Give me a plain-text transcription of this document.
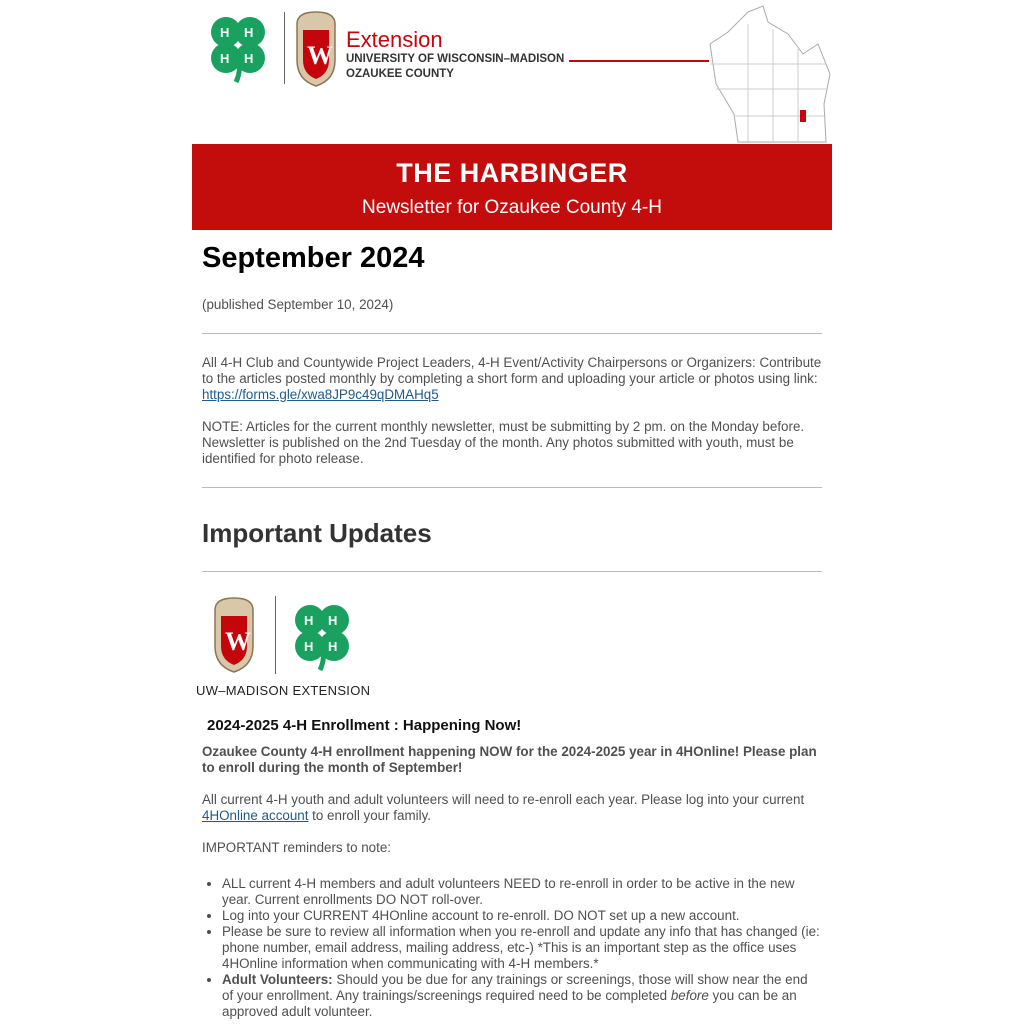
Extension
UNIVERSITY OF WISCONSIN–MADISON
OZAUKEE COUNTY
THE HARBINGER
Newsletter for Ozaukee County 4-H
September 2024

(published September 10, 2024)

All 4-H Club and Countywide Project Leaders, 4-H Event/Activity Chairpersons or Organizers: Contribute to the articles posted monthly by completing a short form and uploading your article or photos using link: https://forms.gle/xwa8JP9c49qDMAHq5

NOTE: Articles for the current monthly newsletter, must be submitting by 2 pm. on the Monday before. Newsletter is published on the 2nd Tuesday of the month. Any photos submitted with youth, must be identified for photo release.

Important Updates
UW–MADISON EXTENSION

2024-2025 4-H Enrollment : Happening Now!

Ozaukee County 4-H enrollment happening NOW for the 2024-2025 year in 4HOnline! Please plan to enroll during the month of September!

All current 4-H youth and adult volunteers will need to re-enroll each year. Please log into your current 4HOnline account to enroll your family.

IMPORTANT reminders to note:

• ALL current 4-H members and adult volunteers NEED to re-enroll in order to be active in the new year. Current enrollments DO NOT roll-over.
• Log into your CURRENT 4HOnline account to re-enroll. DO NOT set up a new account.
• Please be sure to review all information when you re-enroll and update any info that has changed (ie: phone number, email address, mailing address, etc-) *This is an important step as the office uses 4HOnline information when communicating with 4-H members.*
• Adult Volunteers: Should you be due for any trainings or screenings, those will show near the end of your enrollment. Any trainings/screenings required need to be completed before you can be an approved adult volunteer.
